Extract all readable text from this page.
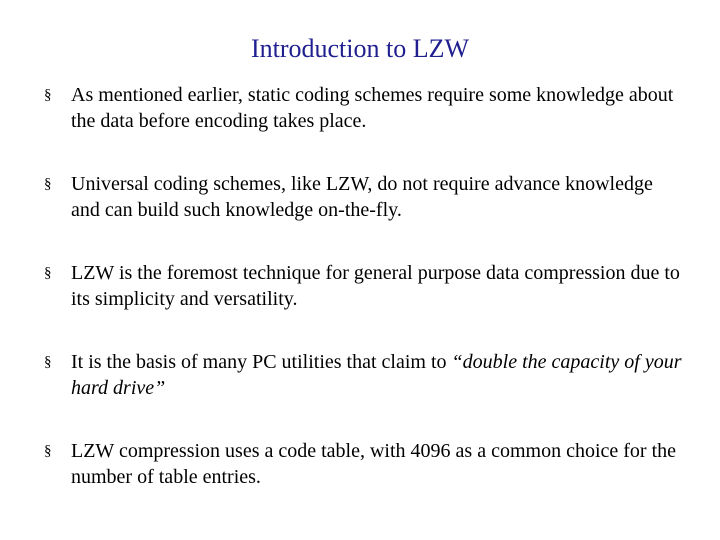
Introduction to LZW
§ As mentioned earlier, static coding schemes require some knowledge about the data before encoding takes place.
§ Universal coding schemes, like LZW, do not require advance knowledge and can build such knowledge on-the-fly.
§ LZW is the foremost technique for general purpose data compression due to its simplicity and versatility.
§ It is the basis of many PC utilities that claim to “double the capacity of your hard drive”
§ LZW compression uses a code table, with 4096 as a common choice for the number of table entries.
